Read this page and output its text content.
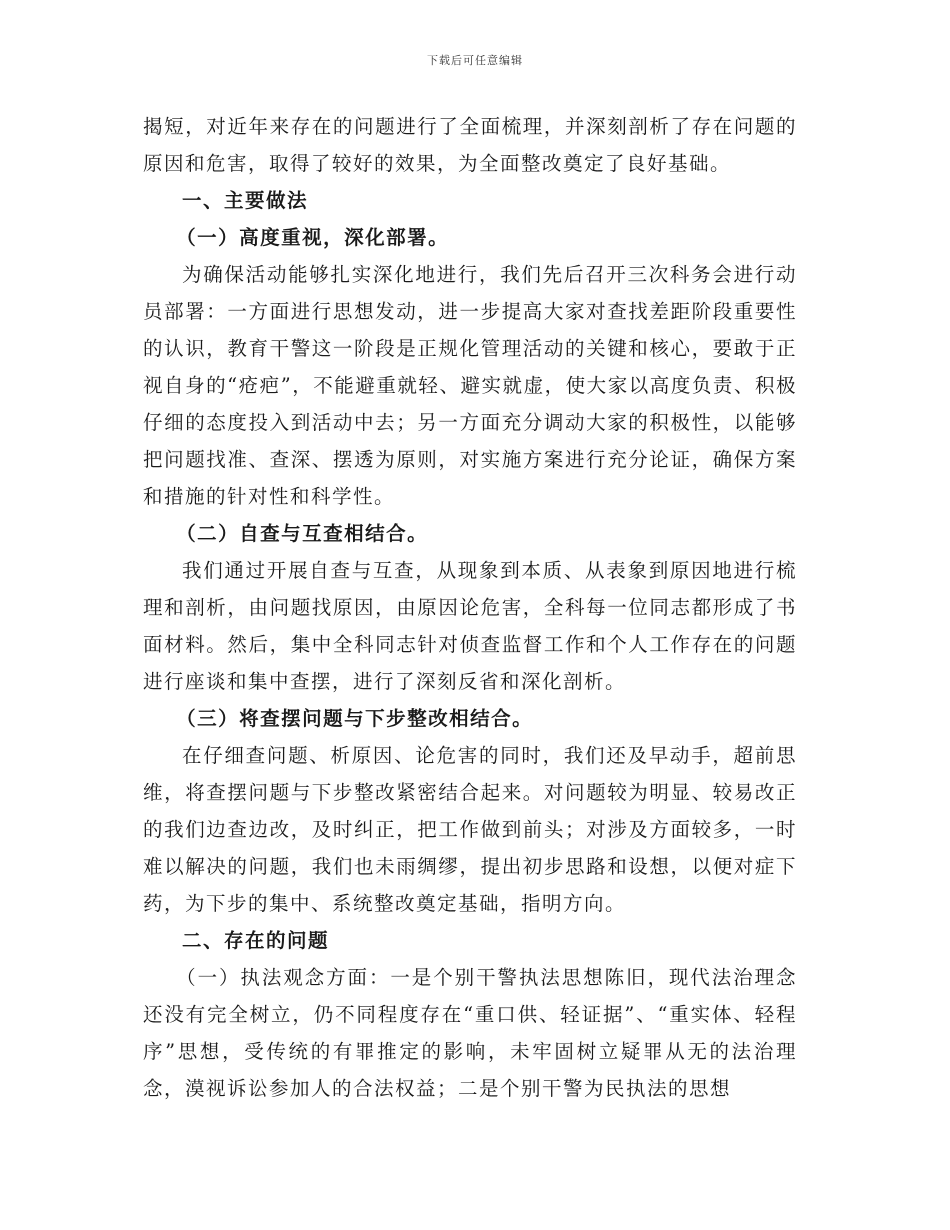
下载后可任意编辑

揭短，对近年来存在的问题进行了全面梳理，并深刻剖析了存在问题的原因和危害，取得了较好的效果，为全面整改奠定了良好基础。

一、主要做法

（一）高度重视，深化部署。

为确保活动能够扎实深化地进行，我们先后召开三次科务会进行动员部署：一方面进行思想发动，进一步提高大家对查找差距阶段重要性的认识，教育干警这一阶段是正规化管理活动的关键和核心，要敢于正视自身的“疮疤”，不能避重就轻、避实就虚，使大家以高度负责、积极仔细的态度投入到活动中去；另一方面充分调动大家的积极性，以能够把问题找准、查深、摆透为原则，对实施方案进行充分论证，确保方案和措施的针对性和科学性。

（二）自查与互查相结合。

我们通过开展自查与互查，从现象到本质、从表象到原因地进行梳理和剖析，由问题找原因，由原因论危害，全科每一位同志都形成了书面材料。然后，集中全科同志针对侦查监督工作和个人工作存在的问题进行座谈和集中查摆，进行了深刻反省和深化剖析。

（三）将查摆问题与下步整改相结合。

在仔细查问题、析原因、论危害的同时，我们还及早动手，超前思维，将查摆问题与下步整改紧密结合起来。对问题较为明显、较易改正的我们边查边改，及时纠正，把工作做到前头；对涉及方面较多，一时难以解决的问题，我们也未雨绸缪，提出初步思路和设想，以便对症下药，为下步的集中、系统整改奠定基础，指明方向。

二、存在的问题

（一）执法观念方面：一是个别干警执法思想陈旧，现代法治理念还没有完全树立，仍不同程度存在“重口供、轻证据”、“重实体、轻程序”思想，受传统的有罪推定的影响，未牢固树立疑罪从无的法治理念，漠视诉讼参加人的合法权益；二是个别干警为民执法的思想
